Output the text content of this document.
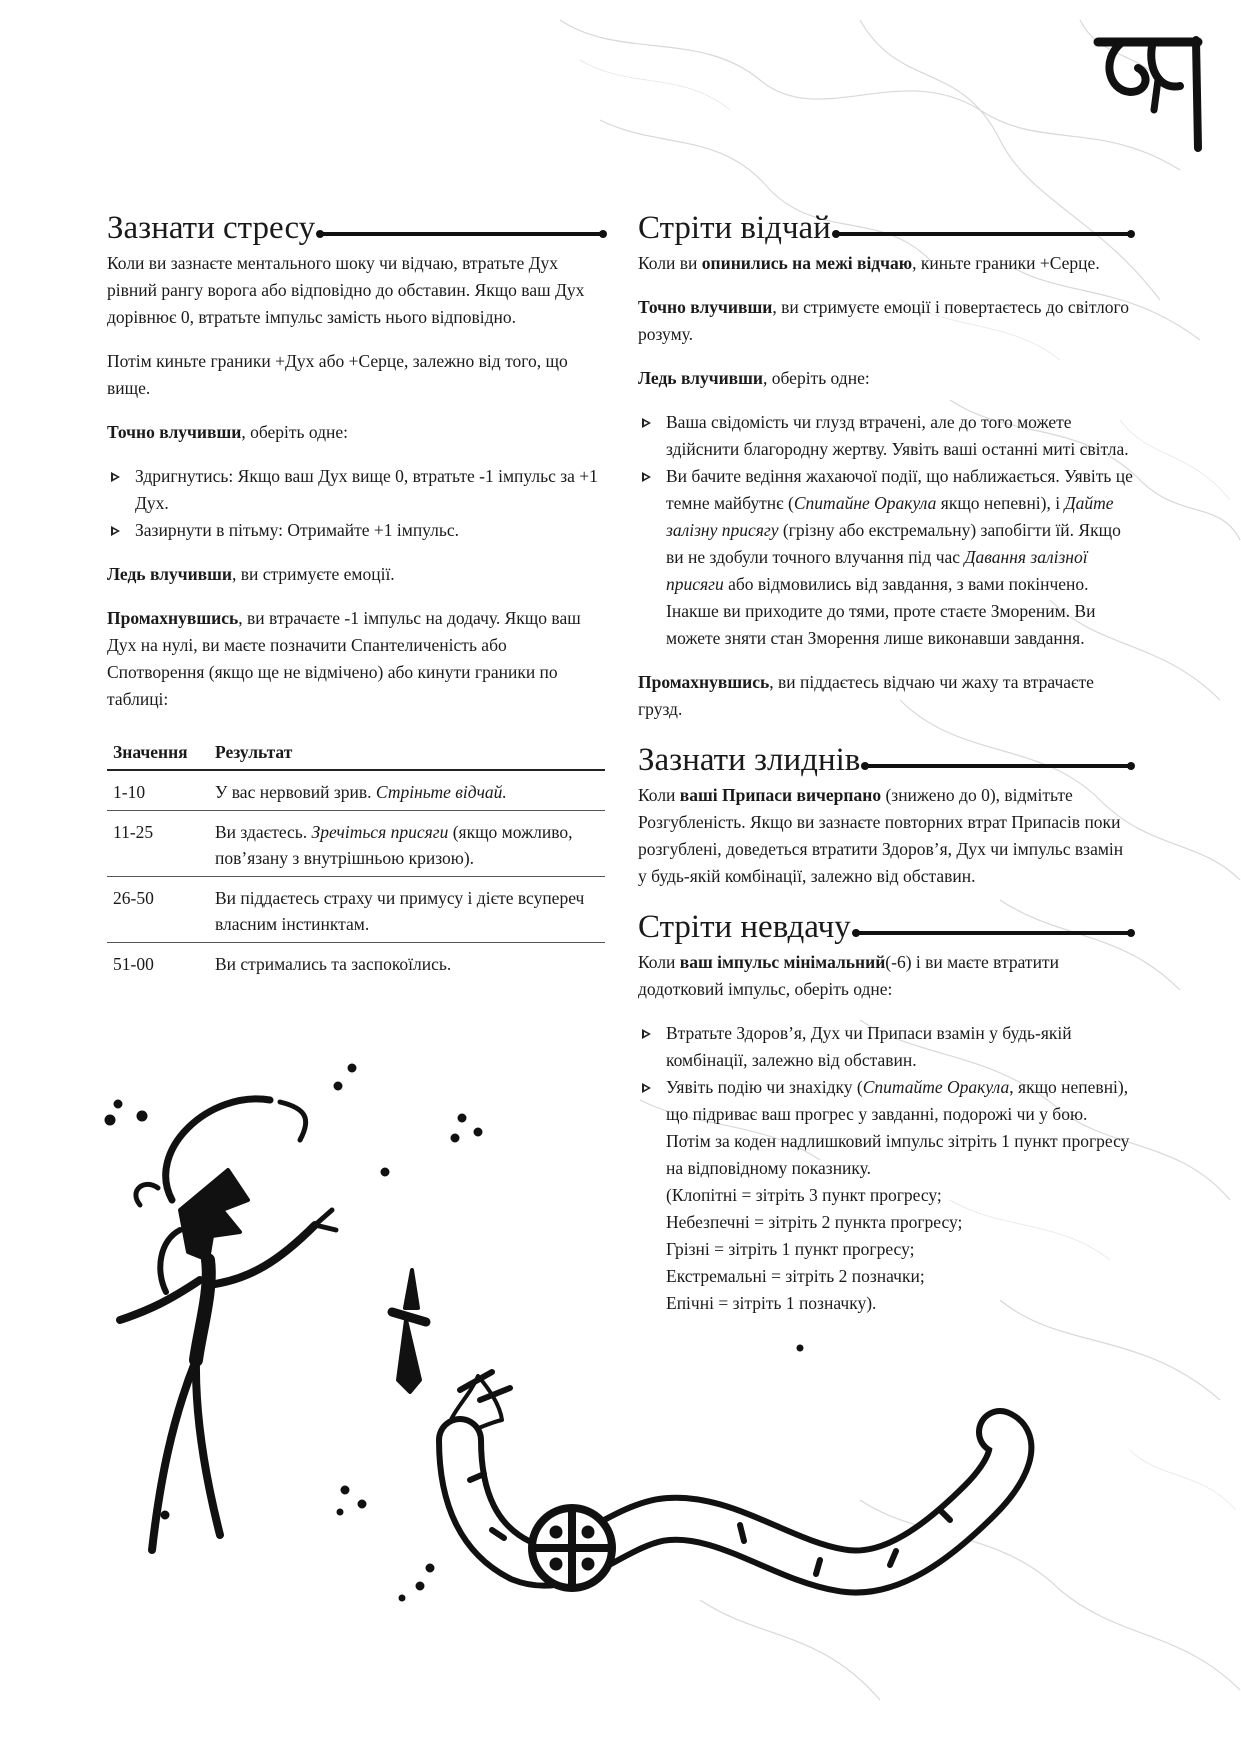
Зазнати стресу

Коли ви зазнаєте ментального шоку чи відчаю, втратьте Дух рівний рангу ворога або відповідно до обставин. Якщо ваш Дух дорівнює 0, втратьте імпульс замість нього відповідно.

Потім киньте граники +Дух або +Серце, залежно від того, що вище.

Точно влучивши, оберіть одне:

Здригнутись: Якщо ваш Дух вище 0, втратьте -1 імпульс за +1 Дух.
Зазирнути в пітьму: Отримайте +1 імпульс.

Ледь влучивши, ви стримуєте емоції.

Промахнувшись, ви втрачаєте -1 імпульс на додачу. Якщо ваш Дух на нулі, ви маєте позначити Спантеличеність або Спотворення (якщо ще не відмічено) або кинути граники по таблиці:

Значення	Результат
1-10	У вас нервовий зрив. Стріньте відчай.
11-25	Ви здаєтесь. Зречіться присяги (якщо можливо, пов’язану з внутрішньою кризою).
26-50	Ви піддаєтесь страху чи примусу і дієте всупереч власним інстинктам.
51-00	Ви стримались та заспокоїлись.
Стріти відчай

Коли ви опинились на межі відчаю, киньте граники +Серце.

Точно влучивши, ви стримуєте емоції і повертаєтесь до світлого розуму.

Ледь влучивши, оберіть одне:

Ваша свідомість чи глузд втрачені, але до того можете здійснити благородну жертву. Уявіть ваші останні миті світла.
Ви бачите ведіння жахаючої події, що наближається. Уявіть це темне майбутнє (Спитайне Оракула якщо непевні), і Дайте залізну присягу (грізну або екстремальну) запобігти їй. Якщо ви не здобули точного влучання під час Давання залізної присяги або відмовились від завдання, з вами покінчено. Інакше ви приходите до тями, проте стаєте Змореним. Ви можете зняти стан Зморення лише виконавши завдання.

Промахнувшись, ви піддаєтесь відчаю чи жаху та втрачаєте грузд.

Зазнати злиднів

Коли ваші Припаси вичерпано (знижено до 0), відмітьте Розгубленість. Якщо ви зазнаєте повторних втрат Припасів поки розгублені, доведеться втратити Здоров’я, Дух чи імпульс взамін у будь-якій комбінації, залежно від обставин.

Стріти невдачу

Коли ваш імпульс мінімальний(-6) і ви маєте втратити додотковий імпульс, оберіть одне:

Втратьте Здоров’я, Дух чи Припаси взамін у будь-якій комбінації, залежно від обставин.
Уявіть подію чи знахідку (Спитайте Оракула, якщо непевні), що підриває ваш прогрес у завданні, подорожі чи у бою. Потім за коден надлишковий імпульс зітріть 1 пункт прогресу на відповідному показнику.
(Клопітні = зітріть 3 пункт прогресу;
Небезпечні = зітріть 2 пункта прогресу;
Грізні = зітріть 1 пункт прогресу;
Екстремальні = зітріть 2 позначки;
Епічні = зітріть 1 позначку).
